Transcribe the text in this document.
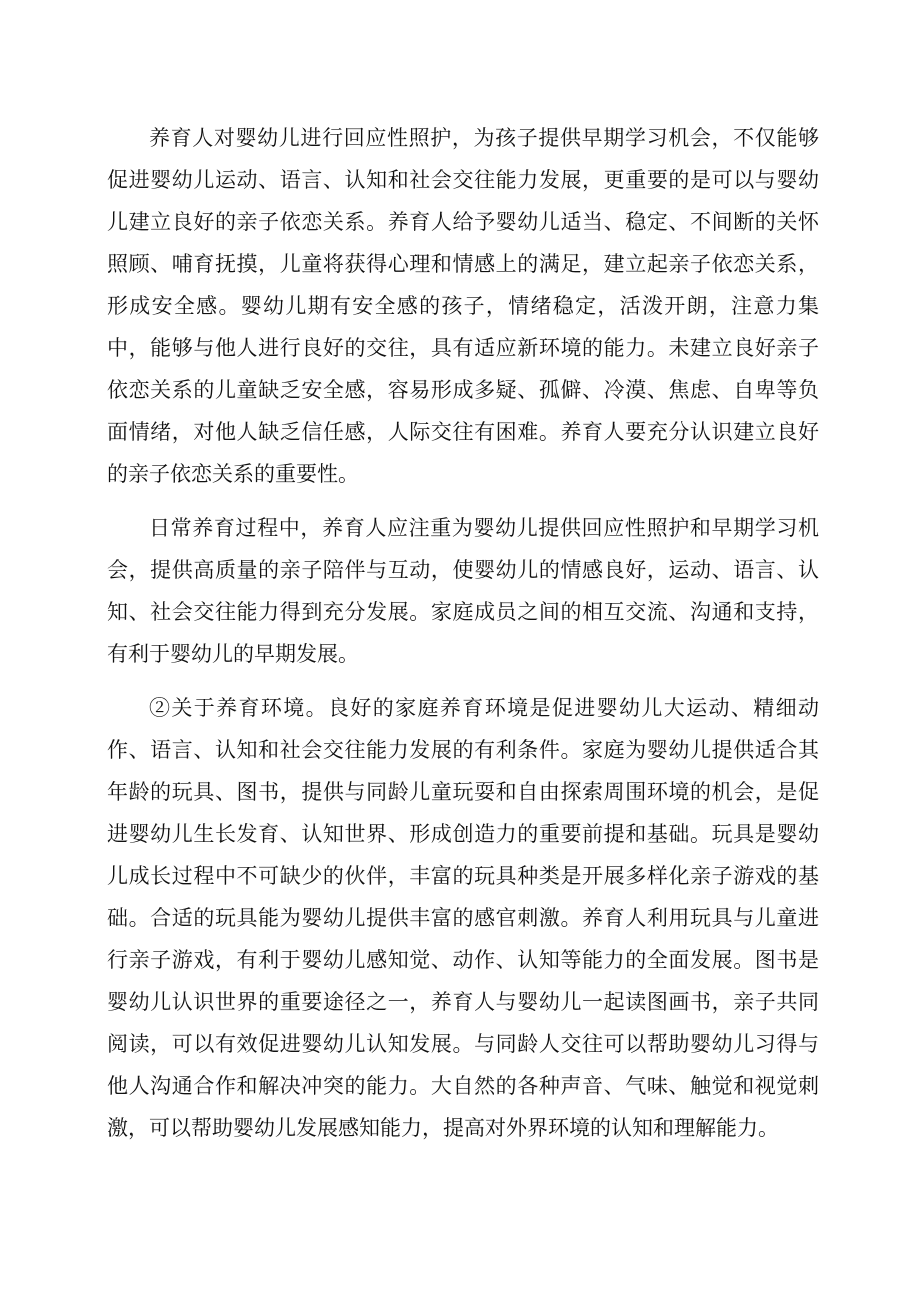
养育人对婴幼儿进行回应性照护，为孩子提供早期学习机会，不仅能够促进婴幼儿运动、语言、认知和社会交往能力发展，更重要的是可以与婴幼儿建立良好的亲子依恋关系。养育人给予婴幼儿适当、稳定、不间断的关怀照顾、哺育抚摸，儿童将获得心理和情感上的满足，建立起亲子依恋关系，形成安全感。婴幼儿期有安全感的孩子，情绪稳定，活泼开朗，注意力集中，能够与他人进行良好的交往，具有适应新环境的能力。未建立良好亲子依恋关系的儿童缺乏安全感，容易形成多疑、孤僻、冷漠、焦虑、自卑等负面情绪，对他人缺乏信任感，人际交往有困难。养育人要充分认识建立良好的亲子依恋关系的重要性。

日常养育过程中，养育人应注重为婴幼儿提供回应性照护和早期学习机会，提供高质量的亲子陪伴与互动，使婴幼儿的情感良好，运动、语言、认知、社会交往能力得到充分发展。家庭成员之间的相互交流、沟通和支持，有利于婴幼儿的早期发展。

②关于养育环境。良好的家庭养育环境是促进婴幼儿大运动、精细动作、语言、认知和社会交往能力发展的有利条件。家庭为婴幼儿提供适合其年龄的玩具、图书，提供与同龄儿童玩耍和自由探索周围环境的机会，是促进婴幼儿生长发育、认知世界、形成创造力的重要前提和基础。玩具是婴幼儿成长过程中不可缺少的伙伴，丰富的玩具种类是开展多样化亲子游戏的基础。合适的玩具能为婴幼儿提供丰富的感官刺激。养育人利用玩具与儿童进行亲子游戏，有利于婴幼儿感知觉、动作、认知等能力的全面发展。图书是婴幼儿认识世界的重要途径之一，养育人与婴幼儿一起读图画书，亲子共同阅读，可以有效促进婴幼儿认知发展。与同龄人交往可以帮助婴幼儿习得与他人沟通合作和解决冲突的能力。大自然的各种声音、气味、触觉和视觉刺激，可以帮助婴幼儿发展感知能力，提高对外界环境的认知和理解能力。
